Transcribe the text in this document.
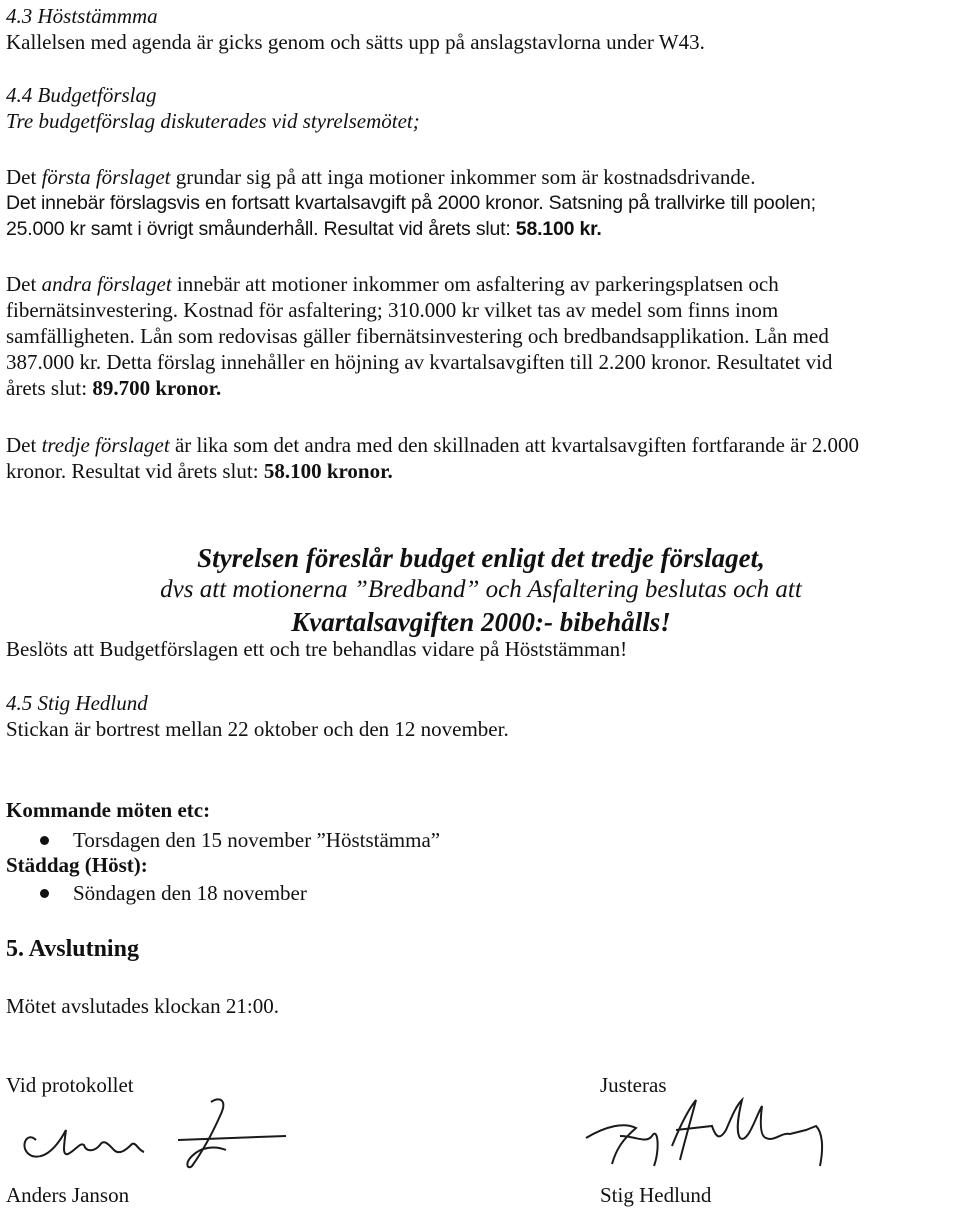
4.3 Höststämmma
Kallelsen med agenda är gicks genom och sätts upp på anslagstavlorna under W43.
4.4 Budgetförslag
Tre budgetförslag diskuterades vid styrelsemötet;
Det första förslaget grundar sig på att inga motioner inkommer som är kostnadsdrivande.
Det innebär förslagsvis en fortsatt kvartalsavgift på 2000 kronor. Satsning på trallvirke till poolen;
25.000 kr samt i övrigt småunderhåll. Resultat vid årets slut: 58.100 kr.
Det andra förslaget innebär att motioner inkommer om asfaltering av parkeringsplatsen och
fibernätsinvestering. Kostnad för asfaltering; 310.000 kr vilket tas av medel som finns inom
samfälligheten. Lån som redovisas gäller fibernätsinvestering och bredbandsapplikation. Lån med
387.000 kr. Detta förslag innehåller en höjning av kvartalsavgiften till 2.200 kronor. Resultatet vid
årets slut: 89.700 kronor.
Det tredje förslaget är lika som det andra med den skillnaden att kvartalsavgiften fortfarande är 2.000
kronor. Resultat vid årets slut: 58.100 kronor.
Styrelsen föreslår budget enligt det tredje förslaget,
dvs att motionerna ”Bredband” och Asfaltering beslutas och att
Kvartalsavgiften 2000:- bibehålls!
Beslöts att Budgetförslagen ett och tre behandlas vidare på Höststämman!
4.5 Stig Hedlund
Stickan är bortrest mellan 22 oktober och den 12 november.
Kommande möten etc:
Torsdagen den 15 november ”Höststämma”
Städdag (Höst):
Söndagen den 18 november
5. Avslutning
Mötet avslutades klockan 21:00.
Vid protokollet
Anders Janson
Justeras
Stig Hedlund
